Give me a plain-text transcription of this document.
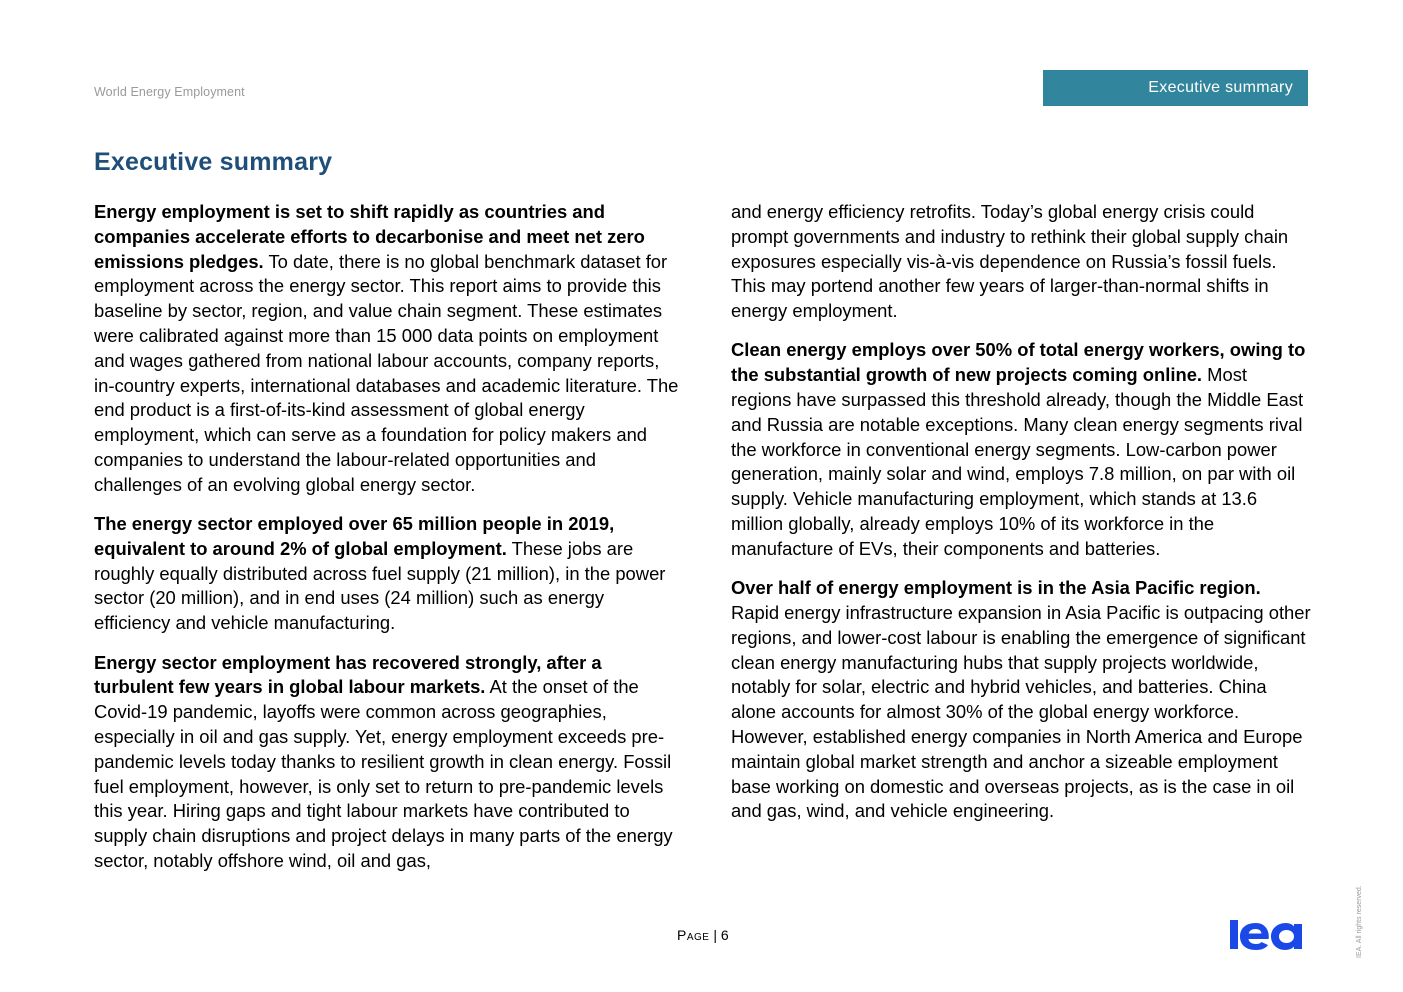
World Energy Employment	Executive summary
Executive summary

Energy employment is set to shift rapidly as countries and companies accelerate efforts to decarbonise and meet net zero emissions pledges. To date, there is no global benchmark dataset for employment across the energy sector. This report aims to provide this baseline by sector, region, and value chain segment. These estimates were calibrated against more than 15 000 data points on employment and wages gathered from national labour accounts, company reports, in-country experts, international databases and academic literature. The end product is a first-of-its-kind assessment of global energy employment, which can serve as a foundation for policy makers and companies to understand the labour-related opportunities and challenges of an evolving global energy sector.

The energy sector employed over 65 million people in 2019, equivalent to around 2% of global employment. These jobs are roughly equally distributed across fuel supply (21 million), in the power sector (20 million), and in end uses (24 million) such as energy efficiency and vehicle manufacturing.

Energy sector employment has recovered strongly, after a turbulent few years in global labour markets. At the onset of the Covid-19 pandemic, layoffs were common across geographies, especially in oil and gas supply. Yet, energy employment exceeds pre-pandemic levels today thanks to resilient growth in clean energy. Fossil fuel employment, however, is only set to return to pre-pandemic levels this year. Hiring gaps and tight labour markets have contributed to supply chain disruptions and project delays in many parts of the energy sector, notably offshore wind, oil and gas,

and energy efficiency retrofits. Today’s global energy crisis could prompt governments and industry to rethink their global supply chain exposures especially vis-à-vis dependence on Russia’s fossil fuels. This may portend another few years of larger-than-normal shifts in energy employment.

Clean energy employs over 50% of total energy workers, owing to the substantial growth of new projects coming online. Most regions have surpassed this threshold already, though the Middle East and Russia are notable exceptions. Many clean energy segments rival the workforce in conventional energy segments. Low-carbon power generation, mainly solar and wind, employs 7.8 million, on par with oil supply. Vehicle manufacturing employment, which stands at 13.6 million globally, already employs 10% of its workforce in the manufacture of EVs, their components and batteries.

Over half of energy employment is in the Asia Pacific region. Rapid energy infrastructure expansion in Asia Pacific is outpacing other regions, and lower-cost labour is enabling the emergence of significant clean energy manufacturing hubs that supply projects worldwide, notably for solar, electric and hybrid vehicles, and batteries. China alone accounts for almost 30% of the global energy workforce. However, established energy companies in North America and Europe maintain global market strength and anchor a sizeable employment base working on domestic and overseas projects, as is the case in oil and gas, wind, and vehicle engineering.

Page | 6	IEA. All rights reserved.
